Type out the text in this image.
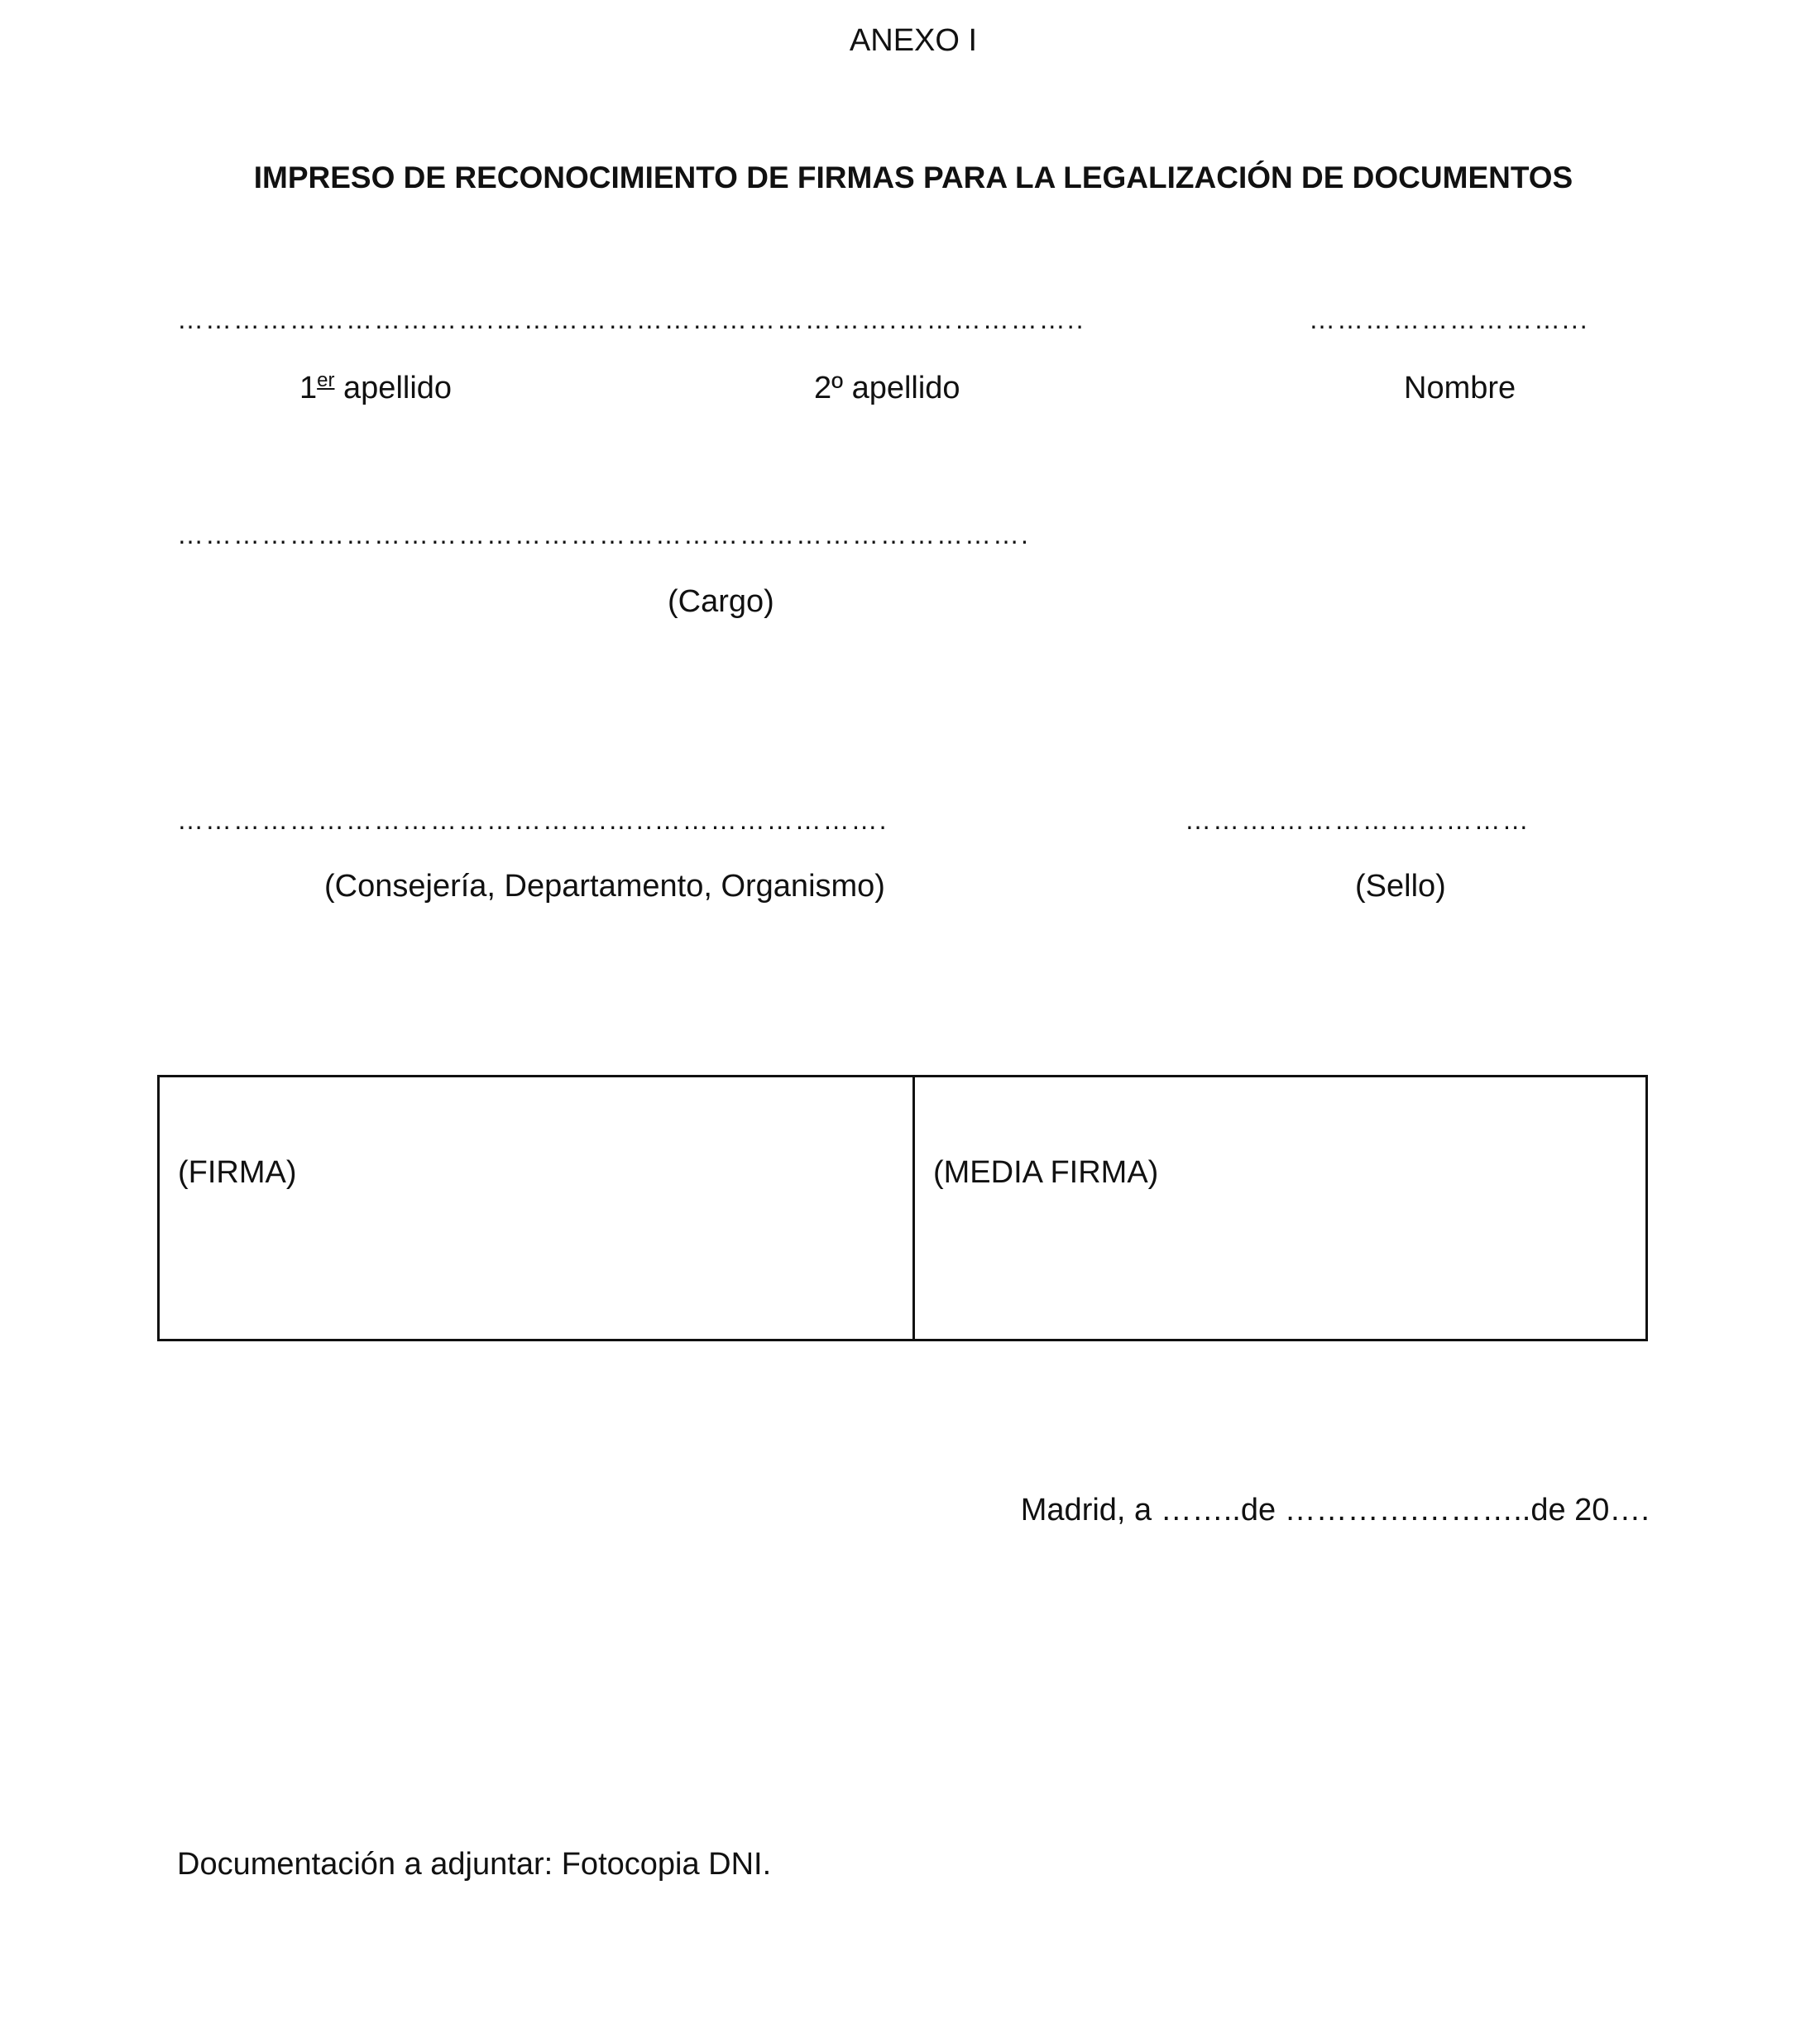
ANEXO I
IMPRESO DE RECONOCIMIENTO DE FIRMAS PARA LA LEGALIZACIÓN DE DOCUMENTOS
…………………………….…………………………………….………………..	………………………...
1er apellido	2º apellido	Nombre
……………………………………………………………………………….
(Cargo)
……………………………………….…..…………………….	……….……………...………
(Consejería, Departamento, Organismo)	(Sello)
(FIRMA)	(MEDIA FIRMA)
Madrid, a ……..de ………….………..de 20….
Documentación a adjuntar: Fotocopia DNI.
